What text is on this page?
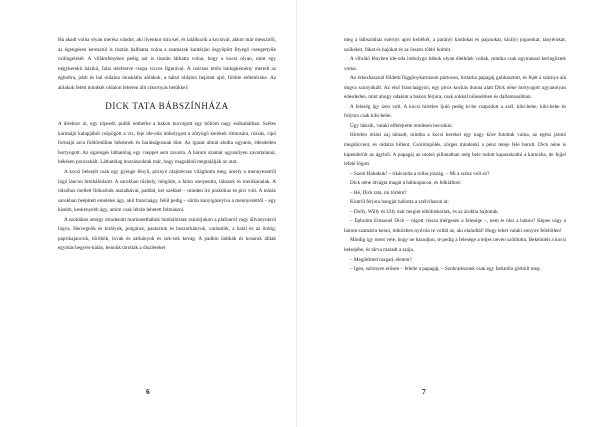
Ha akadt volna olyan merész vándor, aki ilyenkor útra kel, és találkozik a kocsival, akkor már messziről, az égengésen keresztül is tisztán hallhatta volna a szamarak kantárján ösgyöpött fityegő csengettyűk csilingelését. A villámfényben pedig azt is tisztán láthatta volna, hogy a kocsi olyan, mint egy négykerekű házikó, falai telefestve csupa vicces figurával. A csúcsos tetőn bádogkémény meredt az égboltra, jobb és bal oldalon muskátlis ablakok, a hátsó oldalon bejárati ajtó, fölötte előtetőcske. Az ablakok felett mindkét oldalon fehéren állt cikornyás betűkkel:

DICK TATA BÁBSZÍNHÁZA

A direktor úr, egy töpsedt, pufók emberke a bakon kucorgott egy bőhöm nagy esőkabátban. Széles karimájú kalapjából csöpögött a víz, feje ide-oda imbolygott a zötyögő kerekek ritmusára, rózsás, cipő formájú arca földöntúlian békésnek és barátságosnak tűnt. Az igazat álmát aludta ugyanis, édesdeden hortyogott. Az égzengés láthatólag egy cseppet sem zavarta. A három szamár ugyanilyen zavartalanul, békésen poroszkált. Láthatólag hozzászoktak már, hogy magukból megtalálják az utat.

A kocsi belsejét csak egy gyenge fényű, pirinyó olajmécses világította meg, amely a mennyezetről lógó láncon himbálódzott. A sarokban tűzhely, mögötte, a falon szerpentin, lábasok és merőkanalak. A túlsóhoz mellett fiókosbók asztalkával, paddal, két székkel – minden író praktikus és pici volt. A másik sarokban beépített emeletes ágy, alul franciaágy, felül pedig – sűrűn kanyigásnyiva a mennyezettől – egy kisebb, keskenyebb ágy, amire csak létrán lehetett felmászni.

A szobában amúgy mindenütt marionettbábok himbálóztak zsinórjukon a plafonról vagy állványokról lógva. Hercegnők és királyok, polgárok, parasztok és boszorkányok, varázslók, a halál és az ördög, paprikajancsik, törökök, lovak és sárkányok és sok-sok kevag. A padlón ládikák és kosarak álltak egymás hegyén-hátán, bennük tárolták a díszleteket

6

meg a bábszínház ezernyi apró kellékét, a parányi kardokat és pajzsokat, királyi jogarokat, tányérokat, szökeket, fákat és hajókat és az összes többi holmit.

A vibráló fényben ide-oda imbolygó bábok olyan élethűek voltak, mintha csak egymással keringőztek volna.

Az érkezhasznál földetti függönykarnisom pártoson, tiritarka papagáj gubbasztott, és fejét a szárnya alá dugva szunyókált. Az első franciaágyon, egy piros kockás dunna alatt Dick néne hortyogott ugyanolyan édesdeden, mint ahogy odakint a bakon férjura, csak sokkal nőiesebben és dallamosabban.

A feleség így ízen volt. A kocsi hirtelen ijuló pedig ki-be csapódott a szél, kihi-behe, kihi-behe és folyton csak kihi-behe.

Úgy látszik, valaki elfelejtette rendesen becsukni.

Hirtelen óriási zaj támadt, mintha a kocsi kerekei egy nagy köre futottak volna, az egész jármű megdöccent, és oldalra billent. Csörömpölés, zörgés mindenki a pénz teteje felé borult. Dick néne is kipenderült az ágyból. A papagáj az utolsó pillanatban még bele tudott kapaszkodni a karnisba, de fejjel lefelé lógott.

– Szent Habakuk! – rikácsolta a tollas jószág. – Mi a szösz volt ez?

Dick néne átvágta magát a bábkupacon, és felkiáltott:

– Hé, Dick tata, mi történt?

Kintről férjura hangját hallotta a szélviharon át:

– Dolly, Willy és Ully már megint elbóbiskoltak, és az árokba hajtottak.

– Ephraim Emanuel Dick – vágott vissza mérgesen a felesége –, nem te ülsz a bakon? Képes vagy a három szamárra kenni, miközben nyilván te voltál az, aki elaludtál! Hogy lehet valaki ennyire felelőtlen!

Mindig így ment vele, hogy ne hazudjon, te pedig a felesége a teljes nevén szólította. Bekémlelt a kocsi belsejébe, és tárva maradt a szája.

– Megütötted magad, életem?

– Igen, szörnyen erősen – felelte a papagáj. – Szókratésznek csak egy farktolla görbült meg.

7
